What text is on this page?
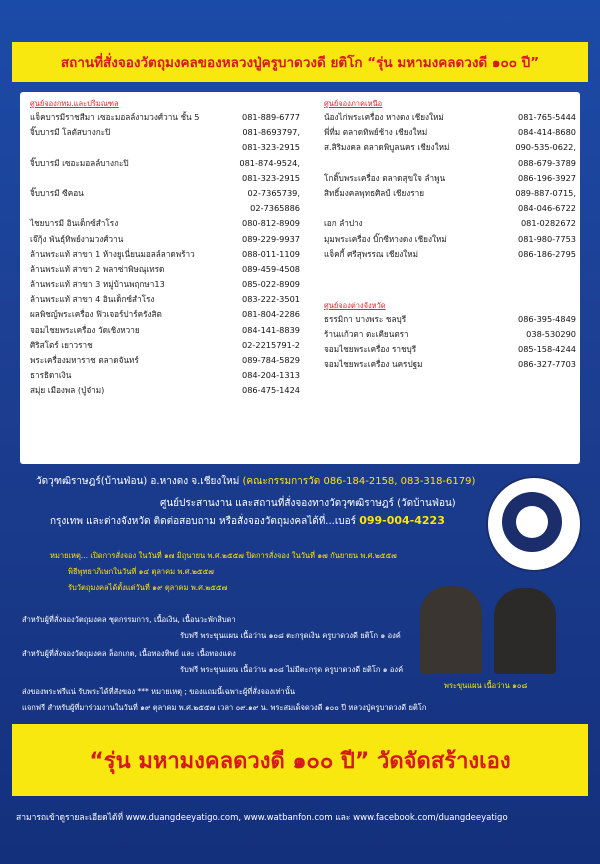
สถานที่สั่งจองวัตถุมงคลของหลวงปู่ครูบาดวงดี ยติโก “รุ่น มหามงคลดวงดี ๑๐๐ ปี”
ศูนย์จองกทม.และปริมณฑล
แจ็คบารมีราชสีมา เซอะมอลล์งามวงศ์วาน ชั้น 5	081-889-6777
จิ๊บบารมี โลตัสบางกะปิ	081-8693797,
081-323-2915
จิ๊บบารมี เซอะมอลล์บางกะปิ	081-874-9524,
081-323-2915
จิ๊บบารมี ซีคอน	02-7365739,
02-7365886
ไชยบารมี อินเด็กซ์สำโรง	080-812-8909
เจ๊กุ้ง พันธุ์ทิพย์งามวงศ์วาน	089-229-9937
ล้านพระแท้ สาขา 1 ห้างยูเนี่ยนมอลล์ลาดพร้าว	088-011-1109
ล้านพระแท้ สาขา 2 พลาซ่าพิษณุเทรด	089-459-4508
ล้านพระแท้ สาขา 3 หมู่บ้านพฤกษา13	085-022-8909
ล้านพระแท้ สาขา 4 อินเด็กซ์สำโรง	083-222-3501
ผลพิชญ์พระเครื่อง ฟิวเจอร์ปาร์ครังสิต	081-804-2286
จอมไชยพระเครื่อง วัดเชิงหวาย	084-141-8839
ศิริสโตร์ เยาวราช	02-2215791-2
พระเครื่องมหาราช ตลาดจันทร์	089-784-5829
ธารธิดาเงิน	084-204-1313
สมุ่ย เมืองพล (ปู่จ๋าม)	086-475-1424
ศูนย์จองภาคเหนือ
น้องไก่พระเครื่อง หางดง เชียงใหม่	081-765-5444
พี่ที่ม ตลาดทิพย์ช้าง เชียงใหม่	084-414-8680
ส.สิริมงคล ตลาดพิบูลนคร เชียงใหม่	090-535-0622,
088-679-3789
โกติ๊บพระเครื่อง ตลาดสุขใจ ลำพูน	086-196-3927
สิทธิ์มงคลพุทธศิลป์ เชียงราย	089-887-0715,
084-046-6722
เอก ลำปาง	081-0282672
มุมพระเครื่อง บิ๊กซีหางดง เชียงใหม่	081-980-7753
แจ็คกี้ ศรีสุพรรณ เชียงใหม่	086-186-2795
ศูนย์จองต่างจังหวัด
ธรรมิกา บางพระ ชลบุรี	086-395-4849
ร้านแก้วตา ตะเคียนตรา	038-530290
จอมไชยพระเครื่อง ราชบุรี	085-158-4244
จอมไชยพระเครื่อง นครปฐม	086-327-7703
วัดวุฑฒิราษฎร์(บ้านฟ่อน) อ.หางดง จ.เชียงใหม่ (คณะกรรมการวัด 086-184-2158, 083-318-6179)
ศูนย์ประสานงาน และสถานที่สั่งจองทางวัดวุฑฒิราษฎร์ (วัดบ้านฟ่อน)
กรุงเทพ และต่างจังหวัด ติดต่อสอบถาม หรือสั่งจองวัตถุมงคลได้ที่...เบอร์ 099-004-4223
หมายเหตุ... เปิดการสั่งจอง ในวันที่ ๑๗ มิถุนายน พ.ศ.๒๕๕๗ ปิดการสั่งจอง ในวันที่ ๑๗ กันยายน พ.ศ.๒๕๕๗
พิธีพุทธาภิเษกในวันที่ ๑๔ ตุลาคม พ.ศ.๒๕๕๗
รับวัตถุมงคลได้ตั้งแต่วันที่ ๑๙ ตุลาคม พ.ศ.๒๕๕๗
สำหรับผู้ที่สั่งจองวัตถุมงคล ชุดกรรมการ, เนื้อเงิน, เนื้อนวะพักสิบดา
รับฟรี พระขุนแผน เนื้อว่าน ๑๐๘ ตะกรุดเงิน ครูบาดวงดี ยติโก ๑ องค์
สำหรับผู้ที่สั่งจองวัตถุมงคล ล็อกเกต, เนื้อทองทิพย์ และ เนื้อทองแดง
รับฟรี พระขุนแผน เนื้อว่าน ๑๐๘ ไม่มีตะกรุด ครูบาดวงดี ยติโก ๑ องค์
ส่งของพระฟรีแน่ รับพระได้ที่สังของ *** หมายเหตุ ; ของแถมนี้เฉพาะผู้ที่สั่งจองเท่านั้น
แจกฟรี สำหรับผู้ที่มาร่วมงานในวันที่ ๑๙ ตุลาคม พ.ศ.๒๕๕๗ เวลา ๐๙.๑๙ น. พระสมเด็จดวงดี ๑๐๐ ปี หลวงปู่ครูบาดวงดี ยติโก
พระขุนแผน เนื้อว่าน ๑๐๘
“รุ่น มหามงคลดวงดี ๑๐๐ ปี” วัดจัดสร้างเอง
สามารถเข้าดูรายละเอียดได้ที่ www.duangdeeyatigo.com, www.watbanfon.com และ www.facebook.com/duangdeeyatigo
